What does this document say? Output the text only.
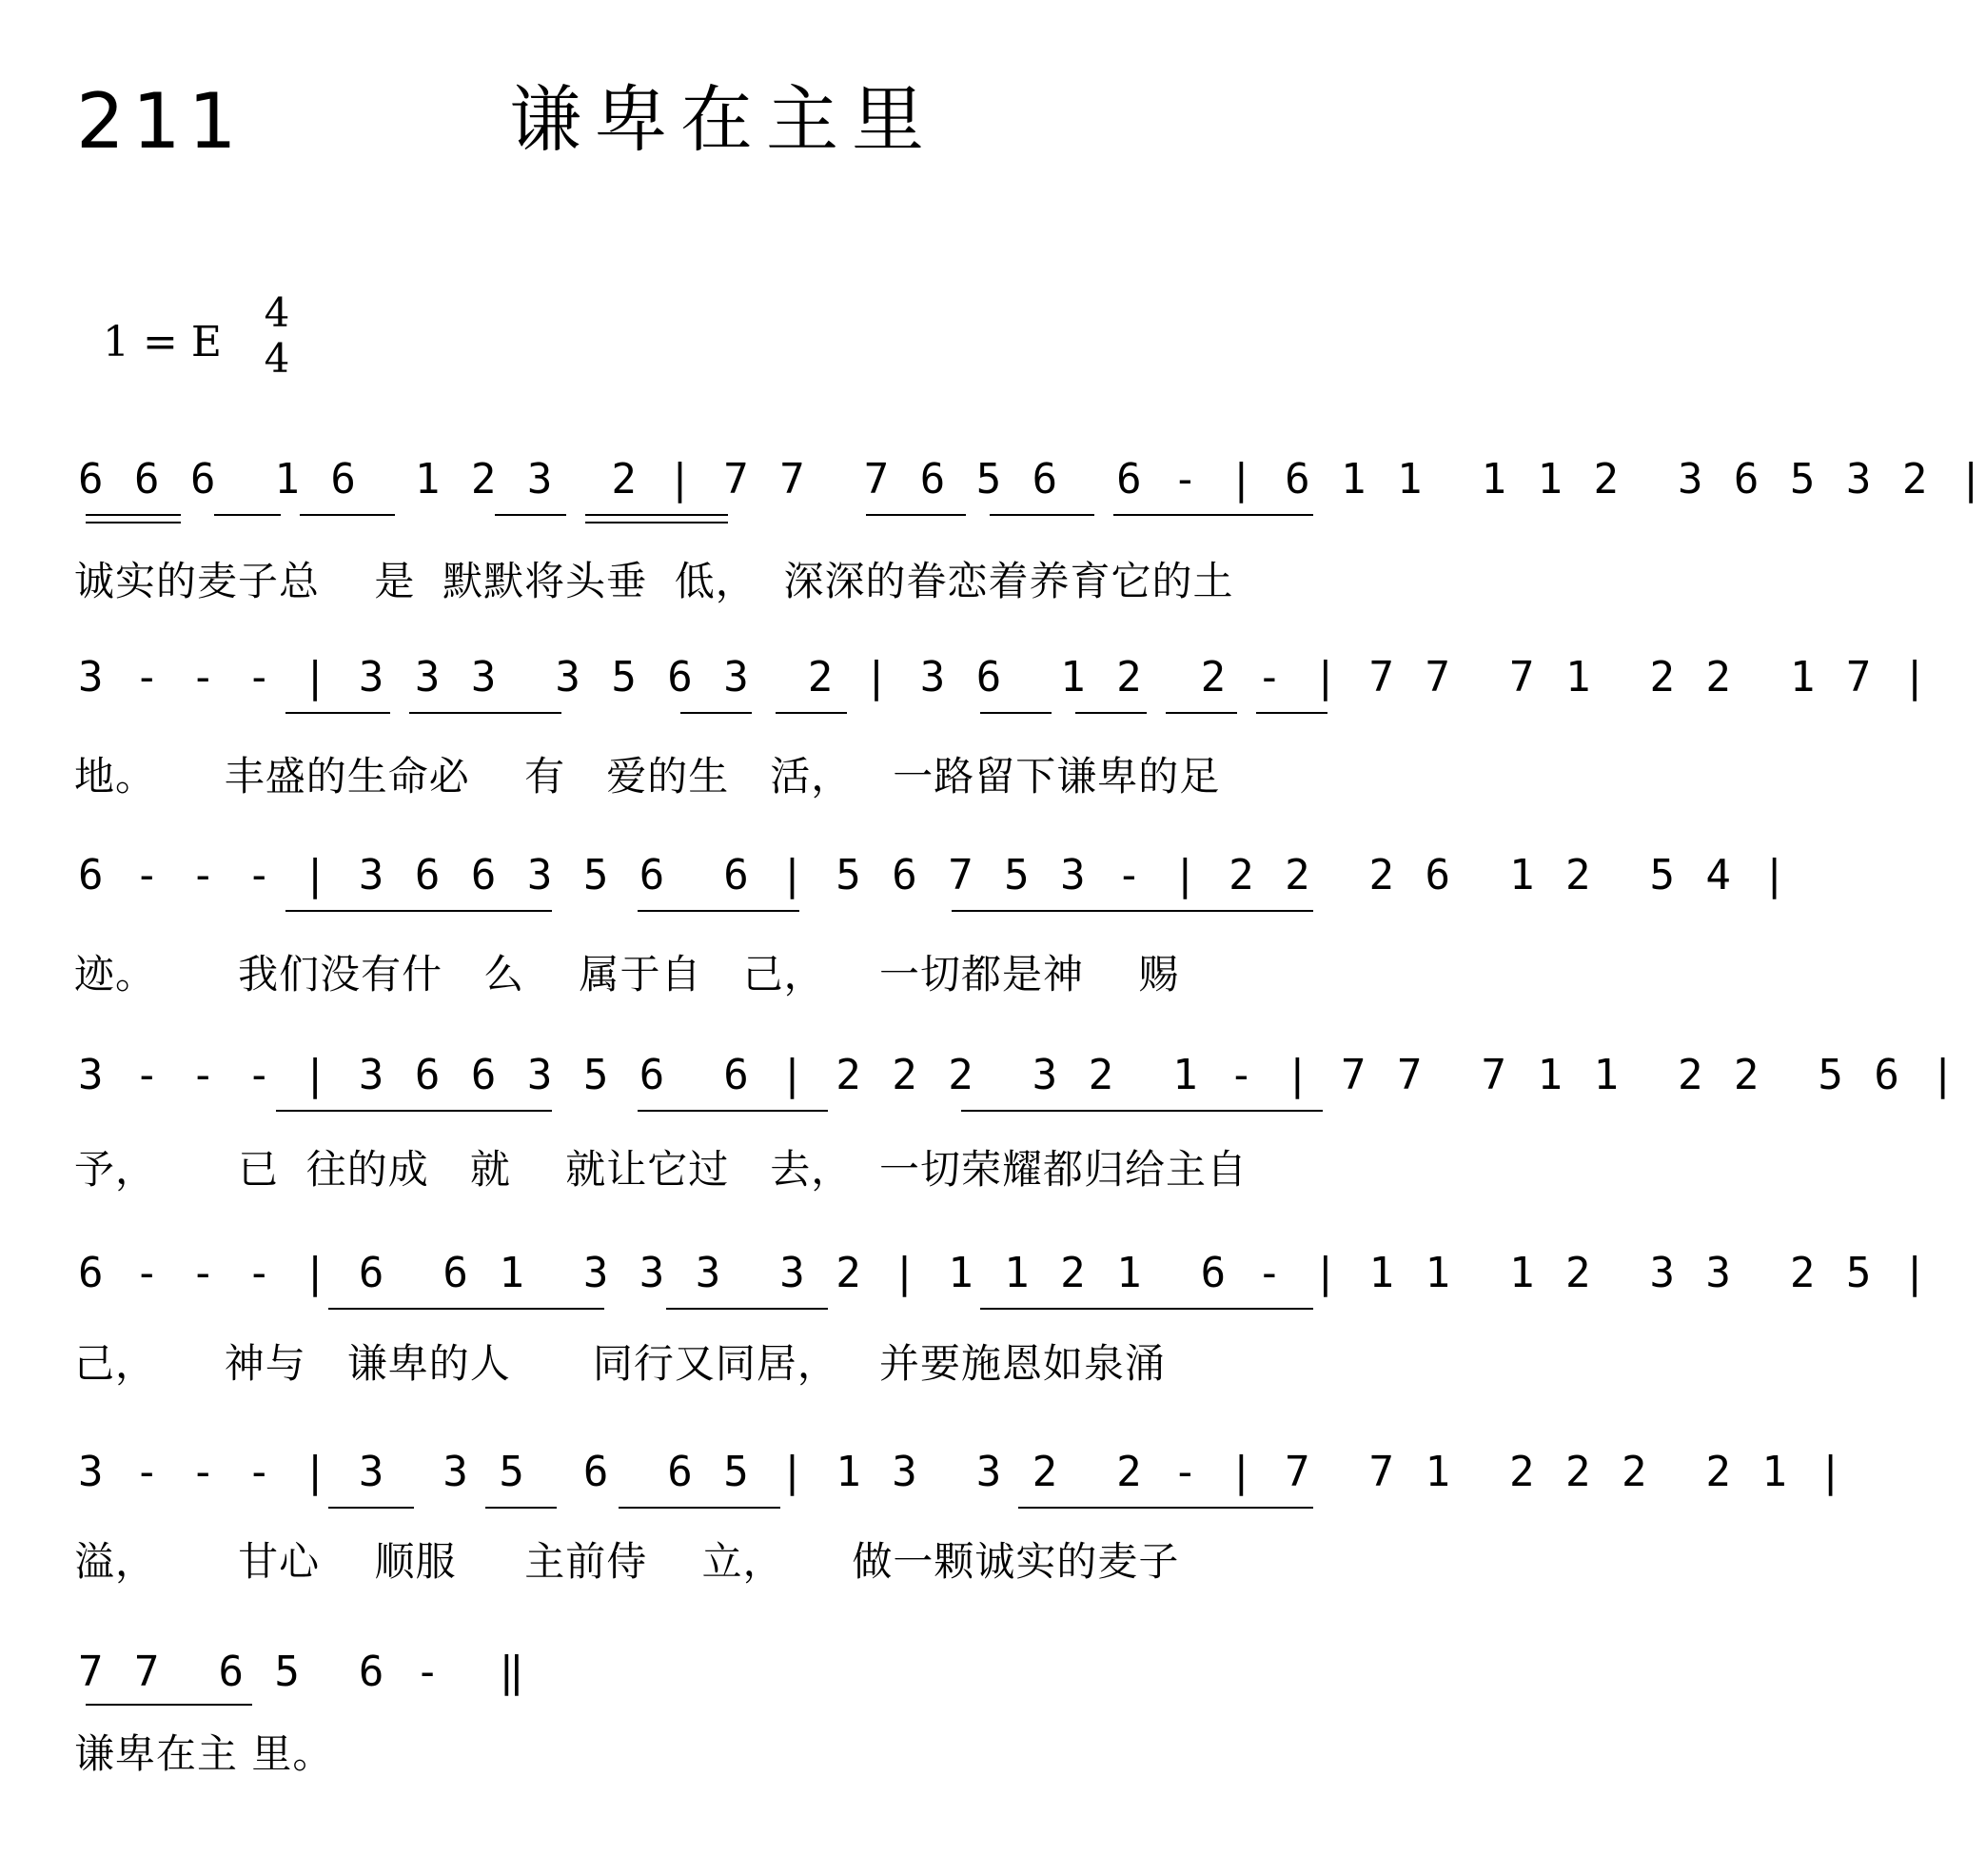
211	谦卑在主里
1 = E
4
4
6 6 6  1 6  1 2 3  2 | 7 7  7 6 5 6  6 - | 6 1 1  1 1 2  3 6 5 3 2 |
诚实的麦子总    是  默默将头垂  低，  深深的眷恋着养育它的土
3 - - - | 3 3 3  3 5 6 3  2 | 3 6  1 2  2 - | 7 7  7 1  2 2  1 7 |
地。     丰盛的生命必    有   爱的生   活，   一路留下谦卑的足
6 - - - | 3 6 6 3 5 6  6 | 5 6 7 5 3 - | 2 2  2 6  1 2  5 4 |
迹。      我们没有什   么    属于自   己，    一切都是神    赐
3 - - - | 3 6 6 3 5 6  6 | 2 2 2  3 2  1 - | 7 7  7 1 1  2 2  5 6 |
予，      已  往的成   就    就让它过   去，  一切荣耀都归给主自
6 - - - | 6  6 1  3 3 3  3 2 | 1 1 2 1  6 - | 1 1  1 2  3 3  2 5 |
己，     神与   谦卑的人      同行又同居，   并要施恩如泉涌
3 - - - | 3  3 5  6  6 5 | 1 3  3 2  2 - | 7  7 1  2 2 2  2 1 |
溢，      甘心    顺服     主前侍    立，     做一颗诚实的麦子
7 7  6 5  6 -  ‖
谦卑在主 里。
